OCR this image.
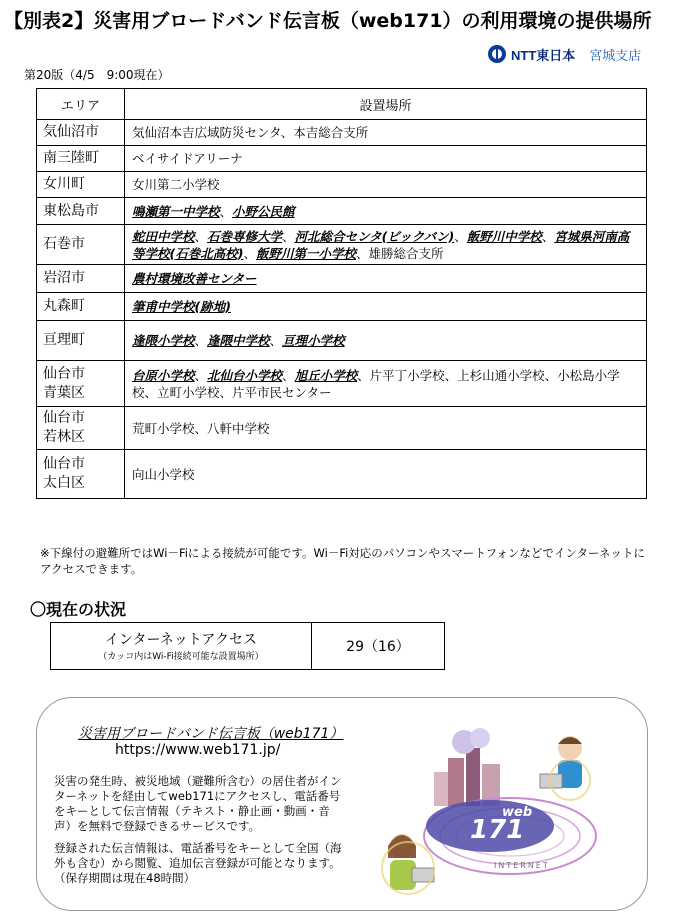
【別表2】災害用ブロードバンド伝言板（web171）の利用環境の提供場所
NTT東日本 宮城支店
第20版（4/5　9:00現在）
エリア	設置場所
気仙沼市	気仙沼本吉広域防災センタ、本吉総合支所
南三陸町	ベイサイドアリーナ
女川町	女川第二小学校
東松島市	鳴瀬第一中学校、小野公民館
石巻市	蛇田中学校、石巻専修大学、河北総合センタ(ビックバン)、飯野川中学校、宮城県河南高等学校(石巻北高校)、飯野川第一小学校、雄勝総合支所
岩沼市	農村環境改善センター
丸森町	筆甫中学校(跡地)
亘理町	逢隈小学校、逢隈中学校、亘理小学校
仙台市
青葉区	台原小学校、北仙台小学校、旭丘小学校、片平丁小学校、上杉山通小学校、小松島小学校、立町小学校、片平市民センター
仙台市
若林区	荒町小学校、八軒中学校
仙台市
太白区	向山小学校
※下線付の避難所ではWi－Fiによる接続が可能です。Wi－Fi対応のパソコンやスマートフォンなどでインターネットにアクセスできます。
〇現在の状況
インターネットアクセス
（カッコ内はWi-Fi接続可能な設置場所）
	29（16）
災害用ブロードバンド伝言板（web171）
https://www.web171.jp/
災害の発生時、被災地域（避難所含む）の居住者がインターネットを経由してweb171にアクセスし、電話番号をキーとして伝言情報（テキスト・静止画・動画・音声）を無料で登録できるサービスです。
登録された伝言情報は、電話番号をキーとして全国（海外も含む）から閲覧、追加伝言登録が可能となります。（保存期間は現在48時間）
web
171
INTERNET
